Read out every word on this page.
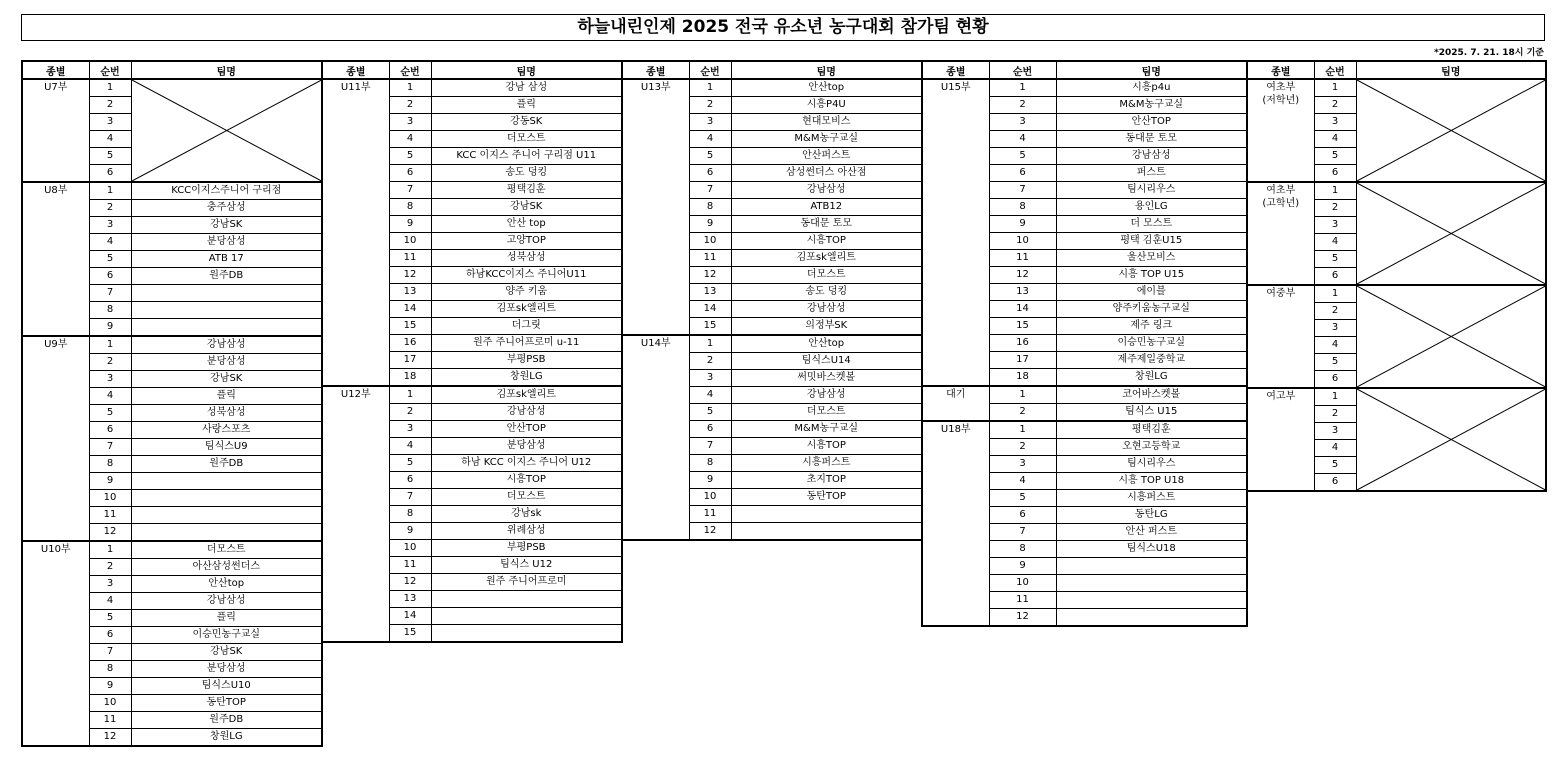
하늘내린인제 2025 전국 유소년 농구대회 참가팀 현황
*2025. 7. 21. 18시 기준
종별	순번	팀명
U7부	1	

	2	
	3	
	4	
	5	
	6	
U8부	1	KCC이지스주니어 구리점
	2	충주삼성
	3	강남SK
	4	분당삼성
	5	ATB 17
	6	원주DB
	7	
	8	
	9	
U9부	1	강남삼성
	2	분당삼성
	3	강남SK
	4	플릭
	5	성북삼성
	6	사랑스포츠
	7	팀식스U9
	8	원주DB
	9	
	10	
	11	
	12	
U10부	1	더모스트
	2	아산삼성썬더스
	3	안산top
	4	강남삼성
	5	플릭
	6	이승민농구교실
	7	강남SK
	8	분당삼성
	9	팀식스U10
	10	동탄TOP
	11	원주DB
	12	창원LG
종별	순번	팀명
U11부	1	강남 삼성
	2	플릭
	3	강동SK
	4	더모스트
	5	KCC 이지스 주니어 구리점 U11
	6	송도 덩킹
	7	평택김훈
	8	강남SK
	9	안산 top
	10	고양TOP
	11	성북삼성
	12	하남KCC이지스 주니어U11
	13	양주 키움
	14	김포sk엘리트
	15	더그릿
	16	원주 주니어프로미 u-11
	17	부평PSB
	18	창원LG
U12부	1	김포sk엘리트
	2	강남삼성
	3	안산TOP
	4	분당삼성
	5	하남 KCC 이지스 주니어 U12
	6	시흥TOP
	7	더모스트
	8	강남sk
	9	위례삼성
	10	부평PSB
	11	팀식스 U12
	12	원주 주니어프로미
	13	
	14	
	15	
종별	순번	팀명
U13부	1	안산top
	2	시흥P4U
	3	현대모비스
	4	M&M농구교실
	5	안산퍼스트
	6	삼성썬더스 아산점
	7	강남삼성
	8	ATB12
	9	동대문 토모
	10	시흥TOP
	11	김포sk엘리트
	12	더모스트
	13	송도 덩킹
	14	강남삼성
	15	의정부SK
U14부	1	안산top
	2	팀식스U14
	3	써밋바스켓볼
	4	강남삼성
	5	더모스트
	6	M&M농구교실
	7	시흥TOP
	8	시흥퍼스트
	9	초지TOP
	10	동탄TOP
	11	
	12	
종별	순번	팀명
U15부	1	시흥p4u
	2	M&M농구교실
	3	안산TOP
	4	동대문 토모
	5	강남삼성
	6	퍼스트
	7	팀시리우스
	8	용인LG
	9	더 모스트
	10	평택 김훈U15
	11	울산모비스
	12	시흥 TOP U15
	13	에이블
	14	양주키움농구교실
	15	제주 링크
	16	이승민농구교실
	17	제주제일중학교
	18	창원LG
대기	1	코어바스켓볼
	2	팀식스 U15
U18부	1	평택김훈
	2	오현고등학교
	3	팀시리우스
	4	시흥 TOP U18
	5	시흥퍼스트
	6	동탄LG
	7	안산 퍼스트
	8	팀식스U18
	9	
	10	
	11	
	12	
종별	순번	팀명
여초부
(저학년)	1	

	2	
	3	
	4	
	5	
	6	
여초부
(고학년)	1	

	2	
	3	
	4	
	5	
	6	
여중부	1	

	2	
	3	
	4	
	5	
	6	
여고부	1	

	2	
	3	
	4	
	5	
	6	
